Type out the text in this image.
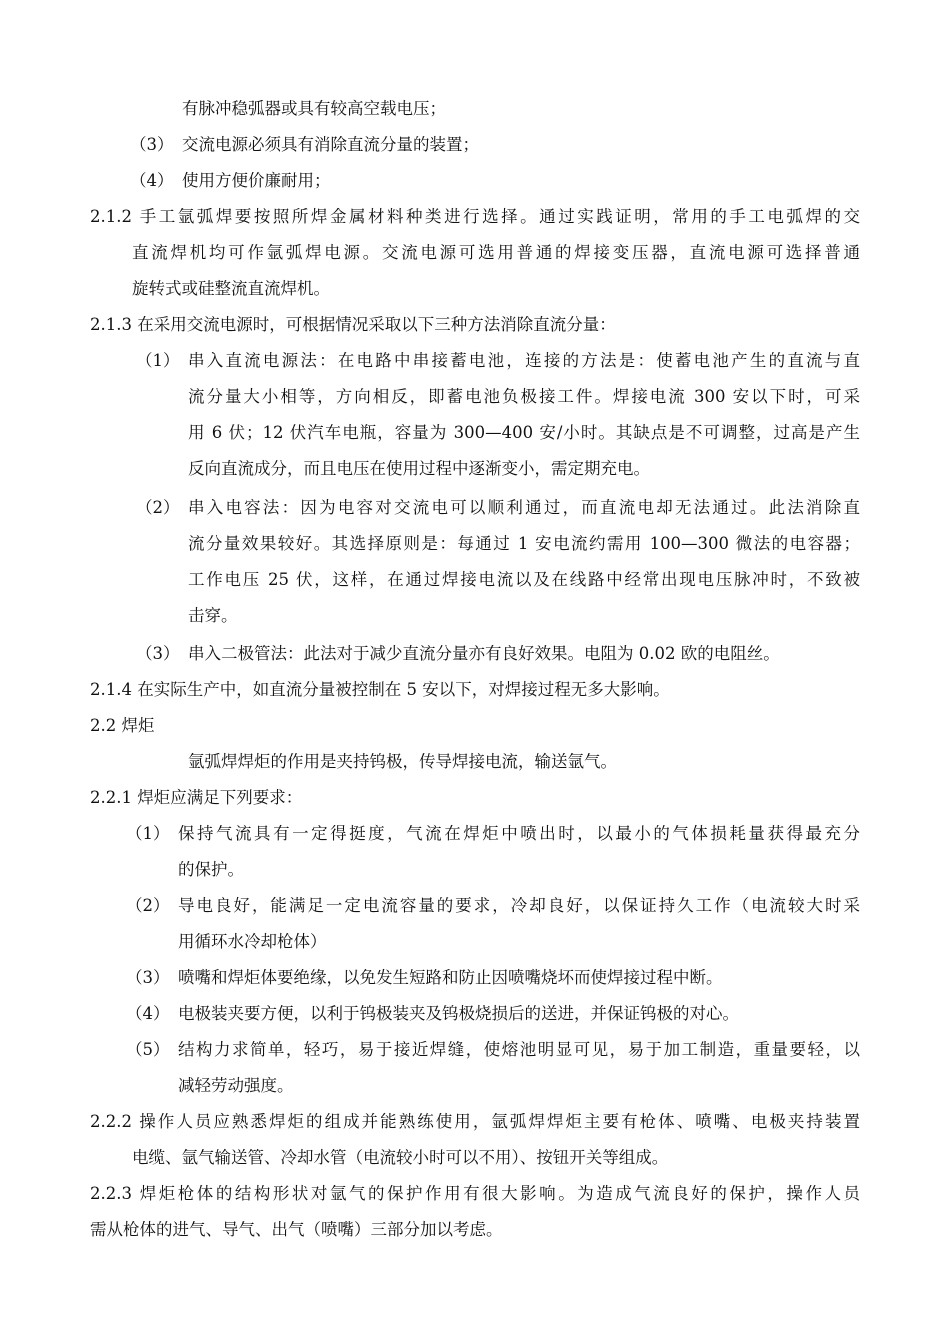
有脉冲稳弧器或具有较高空载电压；
（3） 交流电源必须具有消除直流分量的装置；
（4） 使用方便价廉耐用；
2.1.2 手工氩弧焊要按照所焊金属材料种类进行选择。通过实践证明，常用的手工电弧焊的交
直流焊机均可作氩弧焊电源。交流电源可选用普通的焊接变压器，直流电源可选择普通
旋转式或硅整流直流焊机。
2.1.3 在采用交流电源时，可根据情况采取以下三种方法消除直流分量：
（1） 串入直流电源法：在电路中串接蓄电池，连接的方法是：使蓄电池产生的直流与直
流分量大小相等，方向相反，即蓄电池负极接工件。焊接电流 300 安以下时，可采
用 6 伏；12 伏汽车电瓶，容量为 300—400 安/小时。其缺点是不可调整，过高是产生
反向直流成分，而且电压在使用过程中逐渐变小，需定期充电。
（2） 串入电容法：因为电容对交流电可以顺利通过，而直流电却无法通过。此法消除直
流分量效果较好。其选择原则是：每通过 1 安电流约需用 100—300 微法的电容器；
工作电压 25 伏，这样，在通过焊接电流以及在线路中经常出现电压脉冲时，不致被
击穿。
（3） 串入二极管法：此法对于减少直流分量亦有良好效果。电阻为 0.02 欧的电阻丝。
2.1.4 在实际生产中，如直流分量被控制在 5 安以下，对焊接过程无多大影响。
2.2 焊炬
氩弧焊焊炬的作用是夹持钨极，传导焊接电流，输送氩气。
2.2.1 焊炬应满足下列要求：
（1） 保持气流具有一定得挺度，气流在焊炬中喷出时，以最小的气体损耗量获得最充分
的保护。
（2） 导电良好，能满足一定电流容量的要求，冷却良好，以保证持久工作（电流较大时采
用循环水冷却枪体）
（3） 喷嘴和焊炬体要绝缘，以免发生短路和防止因喷嘴烧坏而使焊接过程中断。
（4） 电极装夹要方便，以利于钨极装夹及钨极烧损后的送进，并保证钨极的对心。
（5） 结构力求简单，轻巧，易于接近焊缝，使熔池明显可见，易于加工制造，重量要轻，以
减轻劳动强度。
2.2.2 操作人员应熟悉焊炬的组成并能熟练使用，氩弧焊焊炬主要有枪体、喷嘴、电极夹持装置
电缆、氩气输送管、冷却水管（电流较小时可以不用）、按钮开关等组成。
2.2.3 焊炬枪体的结构形状对氩气的保护作用有很大影响。为造成气流良好的保护，操作人员
需从枪体的进气、导气、出气（喷嘴）三部分加以考虑。
